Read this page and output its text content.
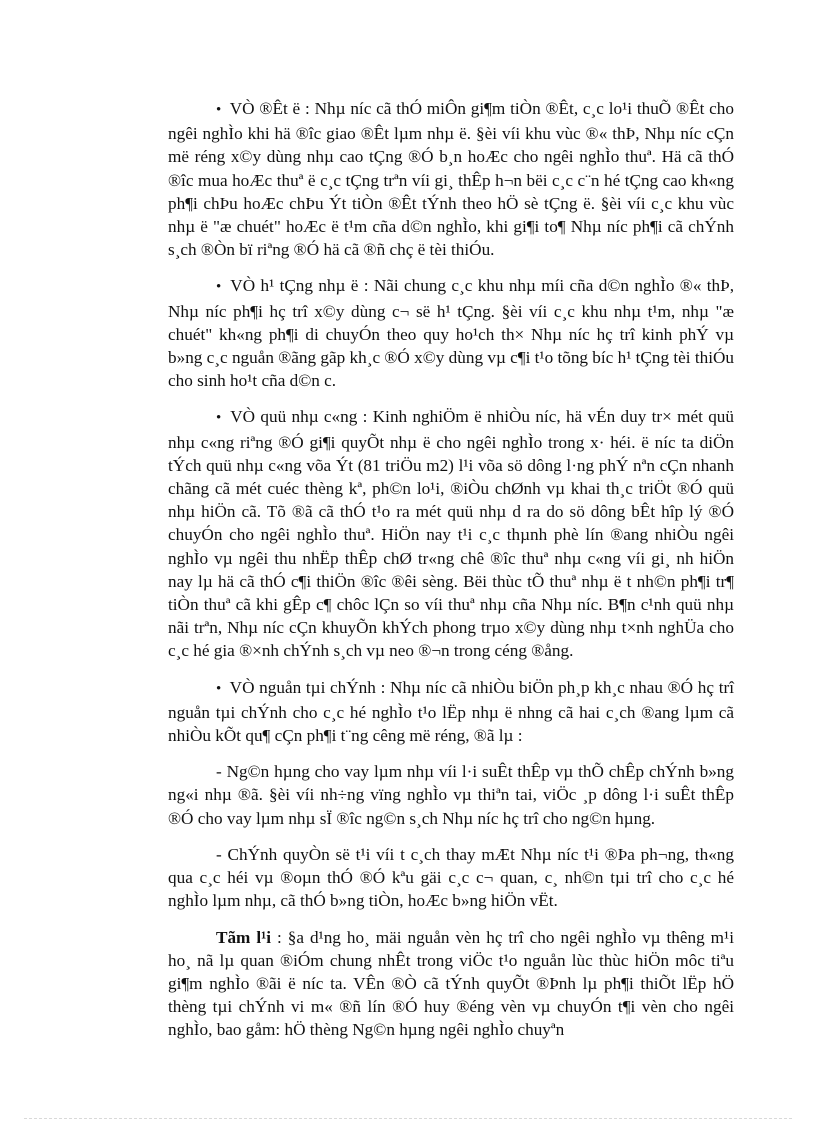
• VÒ ®Êt ë : Nhµ níc cã thÓ miÔn gi¶m tiÒn ®Êt, c¸c lo¹i thuÕ ®Êt cho ngêi nghÌo khi hä ®îc giao ®Êt lµm nhµ ë. §èi víi khu vùc ®« thÞ, Nhµ níc cÇn më réng x©y dùng nhµ cao tÇng ®Ó b¸n hoÆc cho ngêi nghÌo thuª. Hä cã thÓ ®îc mua hoÆc thuª ë c¸c tÇng trªn víi gi¸ thÊp h¬n bëi c¸c c¨n hé tÇng cao kh«ng ph¶i chÞu hoÆc chÞu Ýt tiÒn ®Êt tÝnh theo hÖ sè tÇng ë. §èi víi c¸c khu vùc nhµ ë "æ chuét" hoÆc ë t¹m cña d©n nghÌo, khi gi¶i to¶ Nhµ níc ph¶i cã chÝnh s¸ch ®Òn bï riªng ®Ó hä cã ®ñ chç ë tèi thiÓu.

• VÒ h¹ tÇng nhµ ë : Nãi chung c¸c khu nhµ míi cña d©n nghÌo ®« thÞ, Nhµ níc ph¶i hç trî x©y dùng c¬ së h¹ tÇng. §èi víi c¸c khu nhµ t¹m, nhµ "æ chuét" kh«ng ph¶i di chuyÓn theo quy ho¹ch th× Nhµ níc hç trî kinh phÝ vµ b»ng c¸c nguån ®ãng gãp kh¸c ®Ó x©y dùng vµ c¶i t¹o tõng bíc h¹ tÇng tèi thiÓu cho sinh ho¹t cña d©n c.

• VÒ quü nhµ c«ng : Kinh nghiÖm ë nhiÒu níc, hä vÉn duy tr× mét quü nhµ c«ng riªng ®Ó gi¶i quyÕt nhµ ë cho ngêi nghÌo trong x· héi. ë níc ta diÖn tÝch quü nhµ c«ng võa Ýt (81 triÖu m2) l¹i võa sö dông l·ng phÝ nªn cÇn nhanh chãng cã mét cuéc thèng kª, ph©n lo¹i, ®iÒu chØnh vµ khai th¸c triÖt ®Ó quü nhµ hiÖn cã. Tõ ®ã cã thÓ t¹o ra mét quü nhµ d ra do sö dông bÊt hîp lý ®Ó chuyÓn cho ngêi nghÌo thuª. HiÖn nay t¹i c¸c thµnh phè lín ®ang nhiÒu ngêi nghÌo vµ ngêi thu nhËp thÊp chØ tr«ng chê ®îc thuª nhµ c«ng víi gi¸ nh hiÖn nay lµ hä cã thÓ c¶i thiÖn ®îc ®êi sèng. Bëi thùc tÕ thuª nhµ ë t nh©n ph¶i tr¶ tiÒn thuª cã khi gÊp c¶ chôc lÇn so víi thuª nhµ cña Nhµ níc. B¶n c¹nh quü nhµ nãi trªn, Nhµ níc cÇn khuyÕn khÝch phong trµo x©y dùng nhµ t×nh nghÜa cho c¸c hé gia ®×nh chÝnh s¸ch vµ neo ®¬n trong céng ®ång.

• VÒ nguån tµi chÝnh : Nhµ níc cã nhiÒu biÖn ph¸p kh¸c nhau ®Ó hç trî nguån tµi chÝnh cho c¸c hé nghÌo t¹o lËp nhµ ë nhng cã hai c¸ch ®ang lµm cã nhiÒu kÕt qu¶ cÇn ph¶i t¨ng cêng më réng, ®ã lµ :

- Ng©n hµng cho vay lµm nhµ víi l·i suÊt thÊp vµ thÕ chÊp chÝnh b»ng ng«i nhµ ®ã. §èi víi nh÷ng vïng nghÌo vµ thiªn tai, viÖc ¸p dông l·i suÊt thÊp ®Ó cho vay lµm nhµ sÏ ®îc ng©n s¸ch Nhµ níc hç trî cho ng©n hµng.

- ChÝnh quyÒn së t¹i víi t c¸ch thay mÆt Nhµ níc t¹i ®Þa ph¬ng, th«ng qua c¸c héi vµ ®oµn thÓ ®Ó kªu gäi c¸c c¬ quan, c¸ nh©n tµi trî cho c¸c hé nghÌo lµm nhµ, cã thÓ b»ng tiÒn, hoÆc b»ng hiÖn vËt.

Tãm l¹i : §a d¹ng ho¸ mäi nguån vèn hç trî cho ngêi nghÌo vµ thêng m¹i ho¸ nã lµ quan ®iÓm chung nhÊt trong viÖc t¹o nguån lùc thùc hiÖn môc tiªu gi¶m nghÌo ®ãi ë níc ta. VÊn ®Ò cã tÝnh quyÕt ®Þnh lµ ph¶i thiÕt lËp hÖ thèng tµi chÝnh vi m« ®ñ lín ®Ó huy ®éng vèn vµ chuyÓn t¶i vèn cho ngêi nghÌo, bao gåm: hÖ thèng Ng©n hµng ngêi nghÌo chuyªn
